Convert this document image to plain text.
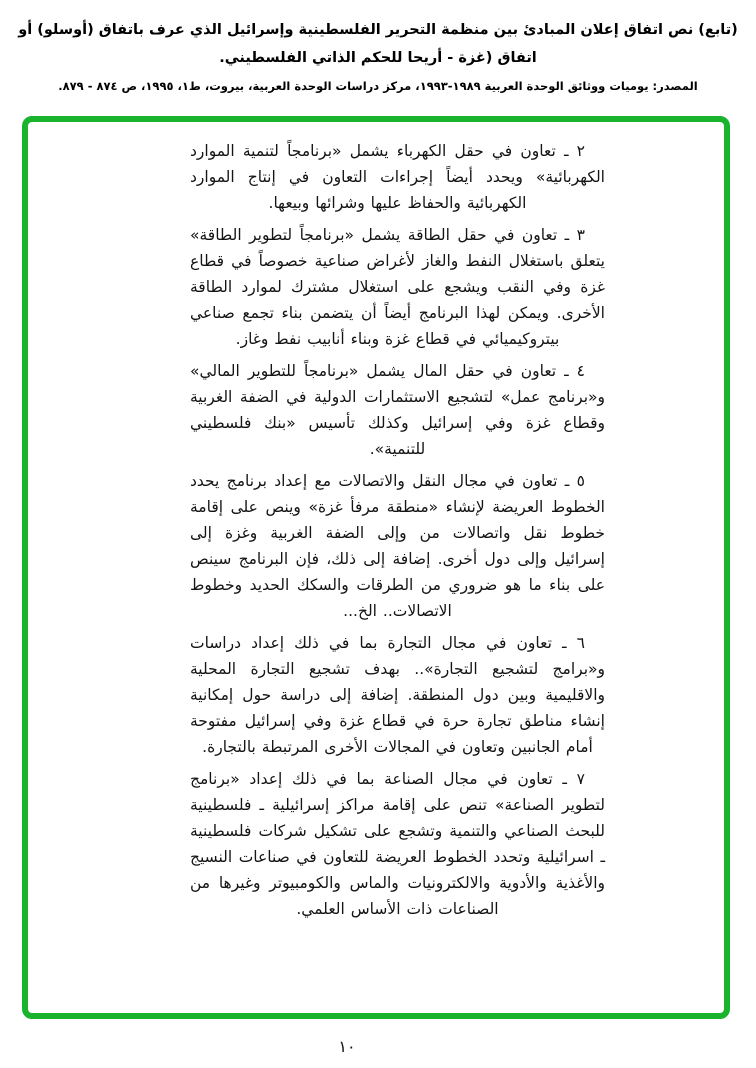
(تابع) نص اتفاق إعلان المبادئ بين منظمة التحرير الفلسطينية وإسرائيل الذي عرف باتفاق (أوسلو) أو اتفاق (غزة - أريحا للحكم الذاتي الفلسطيني.
المصدر: يوميات ووثائق الوحدة العربية ١٩٨٩-١٩٩٣، مركز دراسات الوحدة العربية، بيروت، ط١، ١٩٩٥، ص ٨٧٤ - ٨٧٩.

٢ ـ تعاون في حقل الكهرباء يشمل «برنامجاً لتنمية الموارد الكهربائية» ويحدد أيضاً إجراءات التعاون في إنتاج الموارد الكهربائية والحفاظ عليها وشرائها وبيعها.

٣ ـ تعاون في حقل الطاقة يشمل «برنامجاً لتطوير الطاقة» يتعلق باستغلال النفط والغاز لأغراض صناعية خصوصاً في قطاع غزة وفي النقب ويشجع على استغلال مشترك لموارد الطاقة الأخرى. ويمكن لهذا البرنامج أيضاً أن يتضمن بناء تجمع صناعي بيتروكيميائي في قطاع غزة وبناء أنابيب نفط وغاز.

٤ ـ تعاون في حقل المال يشمل «برنامجاً للتطوير المالي» و«برنامج عمل» لتشجيع الاستثمارات الدولية في الضفة الغربية وقطاع غزة وفي إسرائيل وكذلك تأسيس «بنك فلسطيني للتنمية».

٥ ـ تعاون في مجال النقل والاتصالات مع إعداد برنامج يحدد الخطوط العريضة لإنشاء «منطقة مرفأ غزة» وينص على إقامة خطوط نقل واتصالات من وإلى الضفة الغربية وغزة إلى إسرائيل وإلى دول أخرى. إضافة إلى ذلك، فإن البرنامج سينص على بناء ما هو ضروري من الطرقات والسكك الحديد وخطوط الاتصالات.. الخ...

٦ ـ تعاون في مجال التجارة بما في ذلك إعداد دراسات و«برامج لتشجيع التجارة».. بهدف تشجيع التجارة المحلية والاقليمية وبين دول المنطقة. إضافة إلى دراسة حول إمكانية إنشاء مناطق تجارة حرة في قطاع غزة وفي إسرائيل مفتوحة أمام الجانبين وتعاون في المجالات الأخرى المرتبطة بالتجارة.

٧ ـ تعاون في مجال الصناعة بما في ذلك إعداد «برنامج لتطوير الصناعة» تنص على إقامة مراكز إسرائيلية ـ فلسطينية للبحث الصناعي والتنمية وتشجع على تشكيل شركات فلسطينية ـ اسرائيلية وتحدد الخطوط العريضة للتعاون في صناعات النسيج والأغذية والأدوية والالكترونيات والماس والكومبيوتر وغيرها من الصناعات ذات الأساس العلمي.

١٠
